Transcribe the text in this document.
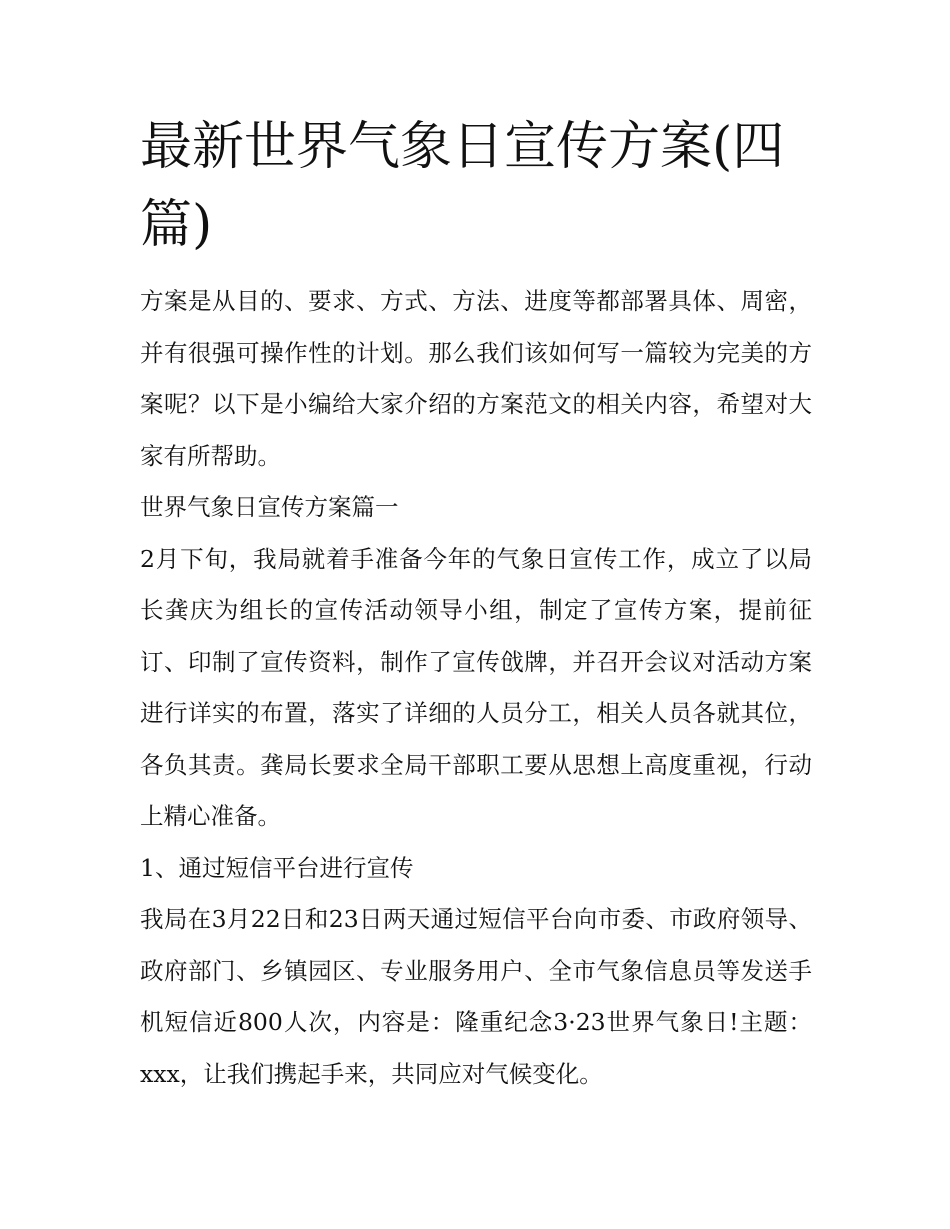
最新世界气象日宣传方案(四篇)

方案是从目的、要求、方式、方法、进度等都部署具体、周密，并有很强可操作性的计划。那么我们该如何写一篇较为完美的方案呢？以下是小编给大家介绍的方案范文的相关内容，希望对大家有所帮助。

世界气象日宣传方案篇一

2月下旬，我局就着手准备今年的气象日宣传工作，成立了以局长龚庆为组长的宣传活动领导小组，制定了宣传方案，提前征订、印制了宣传资料，制作了宣传戗牌，并召开会议对活动方案进行详实的布置，落实了详细的人员分工，相关人员各就其位，各负其责。龚局长要求全局干部职工要从思想上高度重视，行动上精心准备。

1、通过短信平台进行宣传

我局在3月22日和23日两天通过短信平台向市委、市政府领导、政府部门、乡镇园区、专业服务用户、全市气象信息员等发送手机短信近800人次，内容是：隆重纪念3·23世界气象日!主题：xxx，让我们携起手来，共同应对气候变化。
